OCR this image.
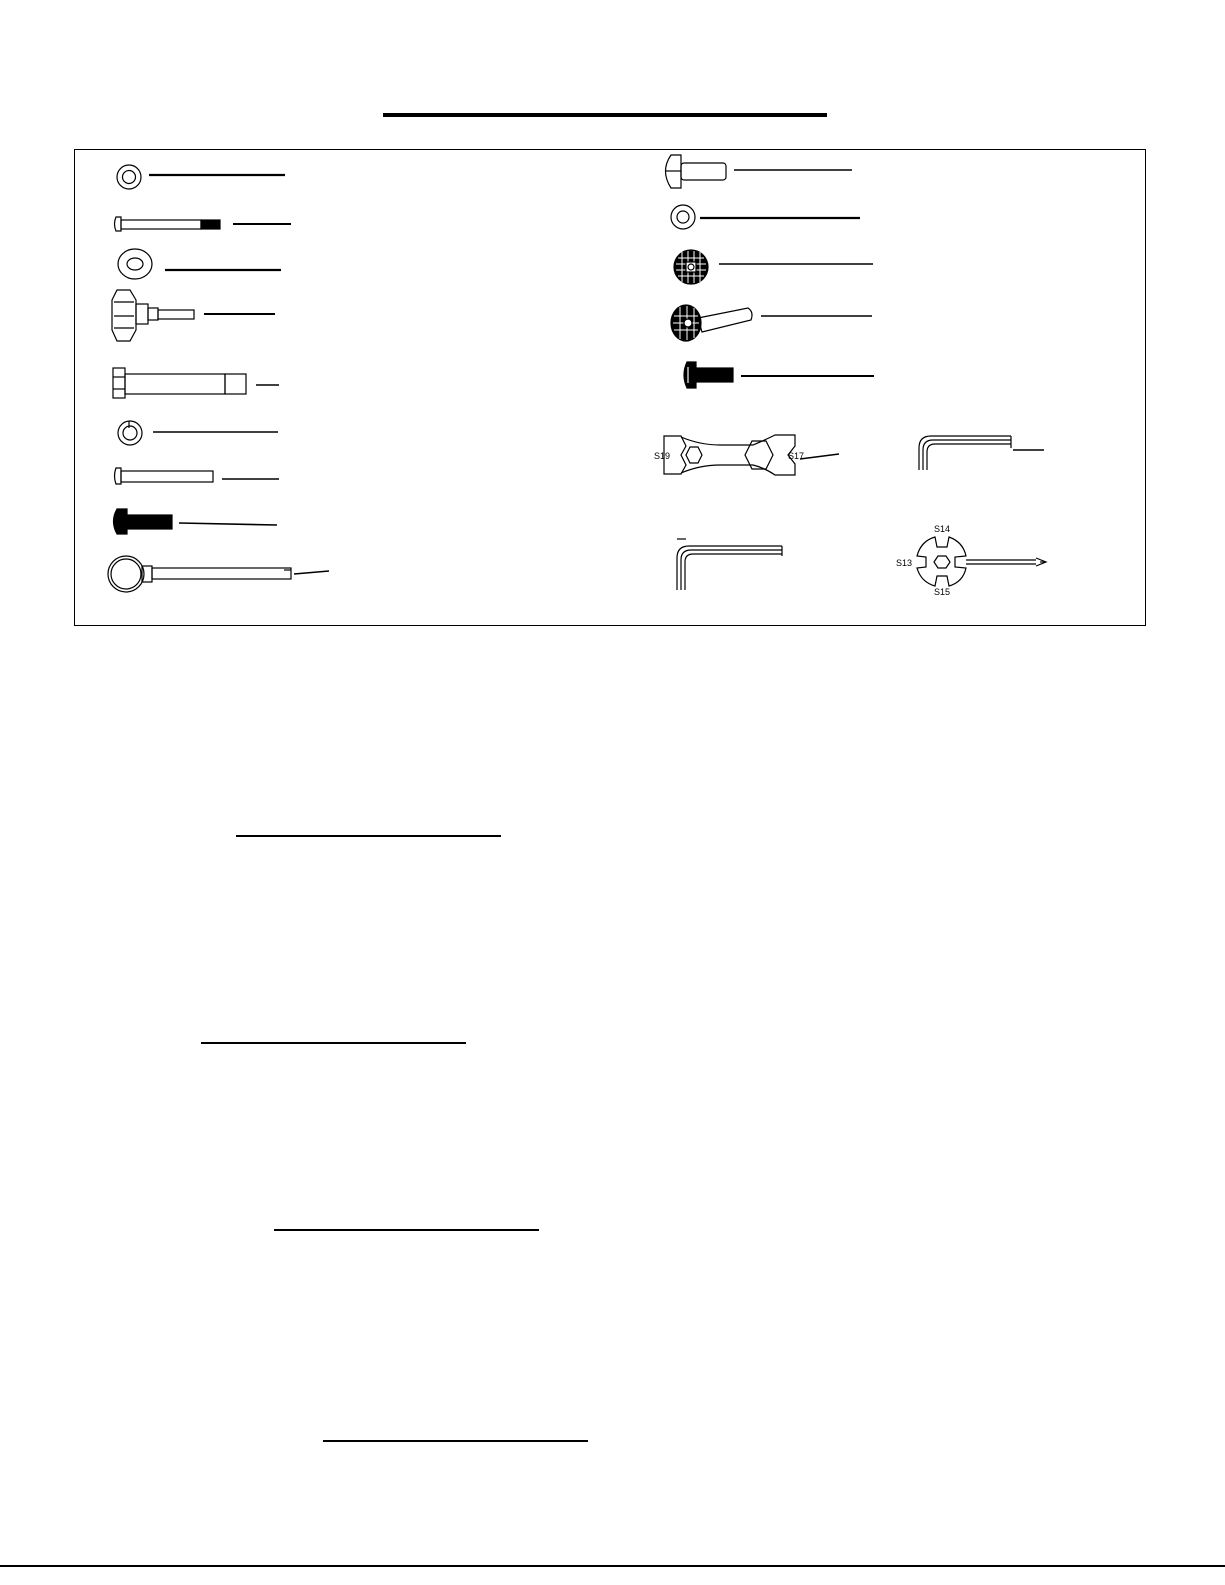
S19	S17
S14
S13
S15
